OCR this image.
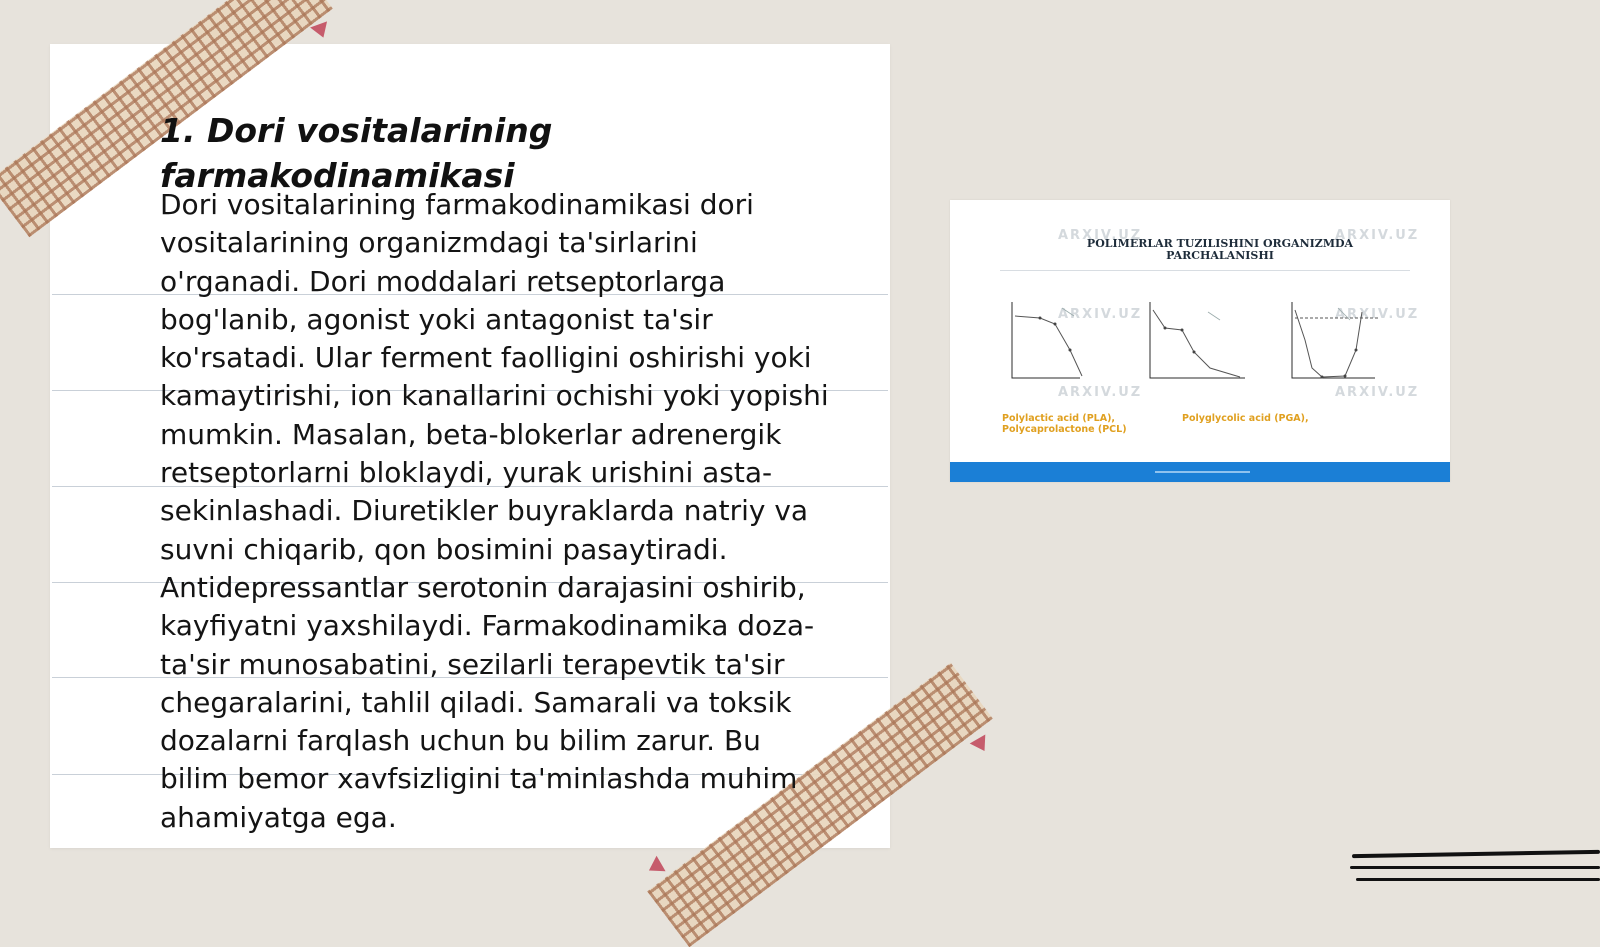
1. Dori vositalarining farmakodinamikasi

Dori vositalarining farmakodinamikasi dori vositalarining organizmdagi ta'sirlarini o'rganadi. Dori moddalari retseptorlarga bog'lanib, agonist yoki antagonist ta'sir ko'rsatadi. Ular ferment faolligini oshirishi yoki kamaytirishi, ion kanallarini ochishi yoki yopishi mumkin. Masalan, beta-blokerlar adrenergik retseptorlarni bloklaydi, yurak urishini asta-sekinlashadi. Diuretikler buyraklarda natriy va suvni chiqarib, qon bosimini pasaytiradi. Antidepressantlar serotonin darajasini oshirib, kayfiyatni yaxshilaydi. Farmakodinamika doza-ta'sir munosabatini, sezilarli terapevtik ta'sir chegaralarini, tahlil qiladi. Samarali va toksik dozalarni farqlash uchun bu bilim zarur. Bu bilim bemor xavfsizligini ta'minlashda muhim ahamiyatga ega.

POLIMERLAR TUZILISHINI ORGANIZMDA
PARCHALANISHI
ARXIV.UZ	ARXIV.UZ
ARXIV.UZ	ARXIV.UZ
ARXIV.UZ	ARXIV.UZ
Polylactic acid (PLA),
Polycaprolactone (PCL)
Polyglycolic acid (PGA),
